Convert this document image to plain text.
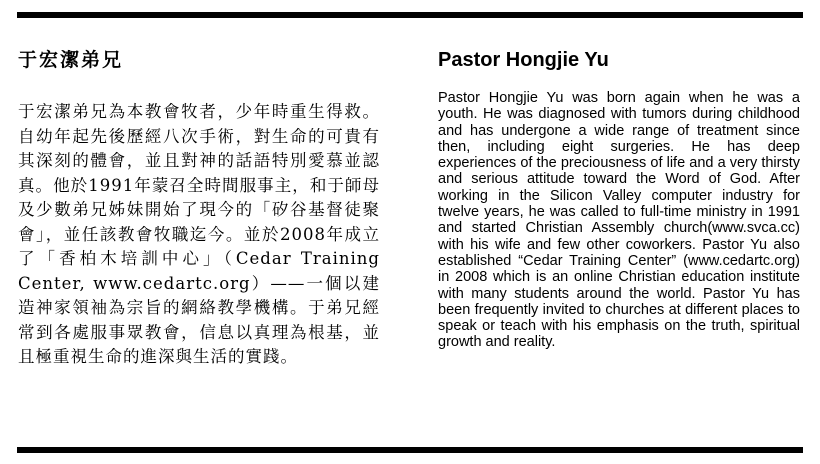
于宏潔弟兄

于宏潔弟兄為本教會牧者，少年時重生得救。自幼年起先後歷經八次手術，對生命的可貴有其深刻的體會，並且對神的話語特別愛慕並認真。他於1991年蒙召全時間服事主，和于師母及少數弟兄姊妹開始了現今的「矽谷基督徒聚會」，並任該教會牧職迄今。並於2008年成立了「香柏木培訓中心」（Cedar Training Center, www.cedartc.org）——一個以建造神家領袖為宗旨的網絡教學機構。于弟兄經常到各處服事眾教會，信息以真理為根基，並且極重視生命的進深與生活的實踐。

Pastor Hongjie Yu

Pastor Hongjie Yu was born again when he was a youth. He was diagnosed with tumors during childhood and has undergone a wide range of treatment since then, including eight surgeries. He has deep experiences of the preciousness of life and a very thirsty and serious attitude toward the Word of God. After working in the Silicon Valley computer industry for twelve years, he was called to full-time ministry in 1991 and started Christian Assembly church(www.svca.cc) with his wife and few other coworkers. Pastor Yu also established “Cedar Training Center” (www.cedartc.org) in 2008 which is an online Christian education institute with many students around the world. Pastor Yu has been frequently invited to churches at different places to speak or teach with his emphasis on the truth, spiritual growth and reality.
